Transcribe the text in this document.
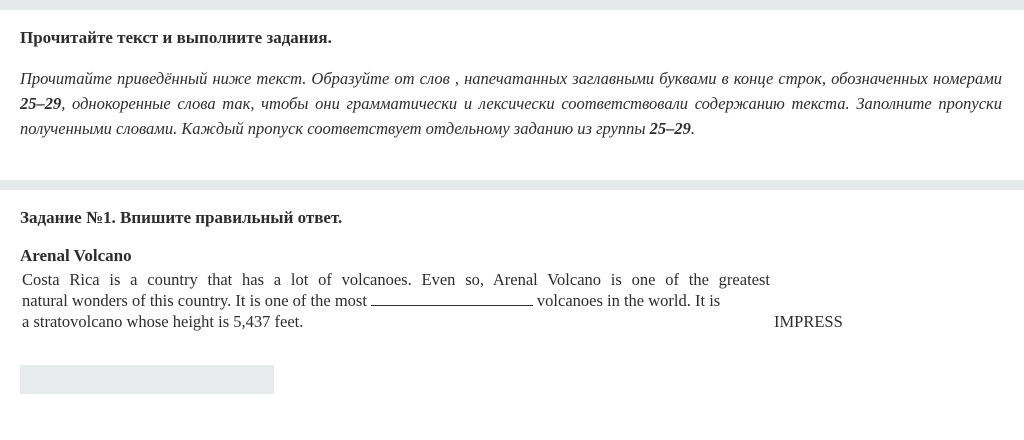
Прочитайте текст и выполните задания.

Прочитайте приведённый ниже текст. Образуйте от слов , напечатанных заглавными буквами в конце строк, обозначенных номерами 25–29, однокоренные слова так, чтобы они грамматически и лексически соответствовали содержанию текста. Заполните пропуски полученными словами. Каждый пропуск соответствует отдельному заданию из группы 25–29.

Задание №1. Впишите правильный ответ.
Arenal Volcano
Costa Rica is a country that has a lot of volcanoes. Even so, Arenal Volcano is one of the greatest
natural wonders of this country. It is one of the most	volcanoes in the world. It is
a stratovolcano whose height is 5,437 feet.	IMPRESS
